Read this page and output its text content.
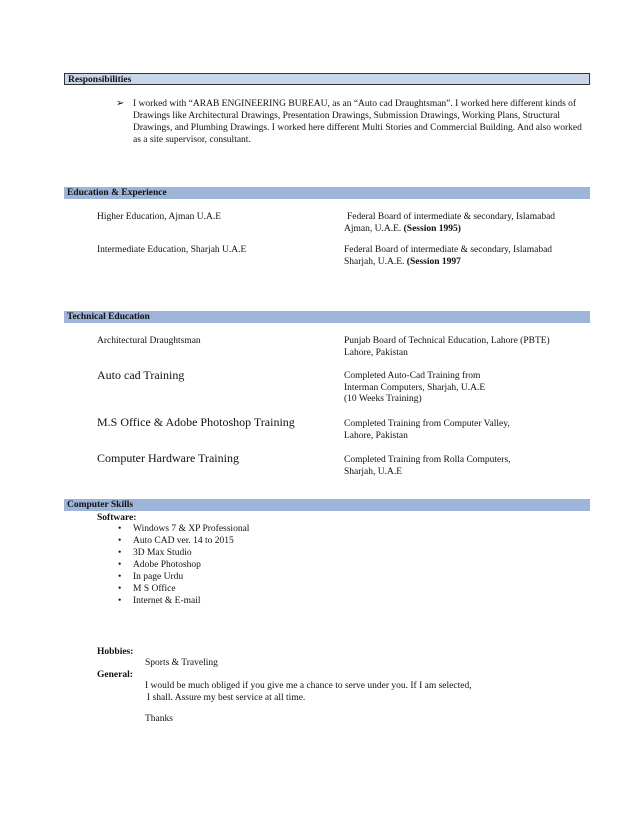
Responsibilities
➢ I worked with “ARAB ENGINEERING BUREAU, as an “Auto cad Draughtsman”. I worked here different kinds of Drawings like Architectural Drawings, Presentation Drawings, Submission Drawings, Working Plans, Structural Drawings, and Plumbing Drawings. I worked here different Multi Stories and Commercial Building. And also worked as a site supervisor, consultant.
Education & Experience
Higher Education, Ajman U.A.E	Federal Board of intermediate & secondary, Islamabad
Ajman, U.A.E. (Session 1995)
Intermediate Education, Sharjah U.A.E	Federal Board of intermediate & secondary, Islamabad
Sharjah, U.A.E. (Session 1997
Technical Education
Architectural Draughtsman	Punjab Board of Technical Education, Lahore (PBTE)
Lahore, Pakistan
Auto cad Training	Completed Auto-Cad Training from
Interman Computers, Sharjah, U.A.E
(10 Weeks Training)
M.S Office & Adobe Photoshop Training	Completed Training from Computer Valley,
Lahore, Pakistan
Computer Hardware Training	Completed Training from Rolla Computers,
Sharjah, U.A.E
Computer Skills
Software:
• Windows 7 & XP Professional
• Auto CAD ver. 14 to 2015
• 3D Max Studio
• Adobe Photoshop
• In page Urdu
• M S Office
• Internet & E-mail
Hobbies:
Sports & Traveling
General:
I would be much obliged if you give me a chance to serve under you. If I am selected,
I shall. Assure my best service at all time.
Thanks
